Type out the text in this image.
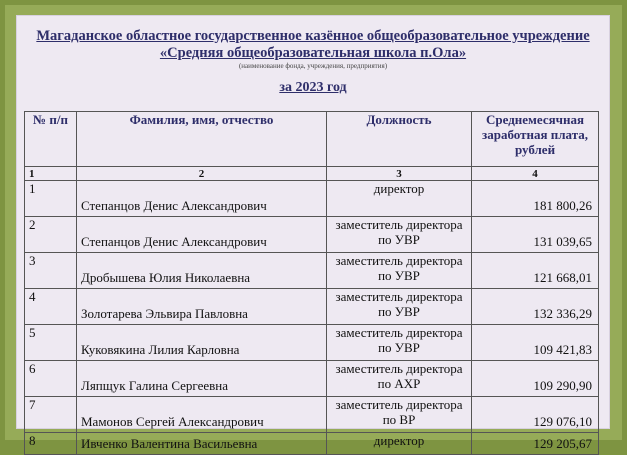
Магаданское областное государственное казённое общеобразовательное учреждение
«Средняя общеобразовательная школа п.Ола»
(наименование фонда, учреждения, предприятия)
за 2023 год
№ п/п	Фамилия, имя, отчество	Должность	Среднемесячная заработная плата, рублей
1	2	3	4
1	Степанцов Денис Александрович	директор	181 800,26
2	Степанцов Денис Александрович	заместитель директора по УВР	131 039,65
3	Дробышева Юлия Николаевна	заместитель директора по УВР	121 668,01
4	Золотарева Эльвира Павловна	заместитель директора по УВР	132 336,29
5	Куковякина Лилия Карловна	заместитель директора по УВР	109 421,83
6	Ляпщук Галина Сергеевна	заместитель директора по АХР	109 290,90
7	Мамонов Сергей Александрович	заместитель директора по ВР	129 076,10
8	Ивченко Валентина Васильевна	директор	129 205,67
